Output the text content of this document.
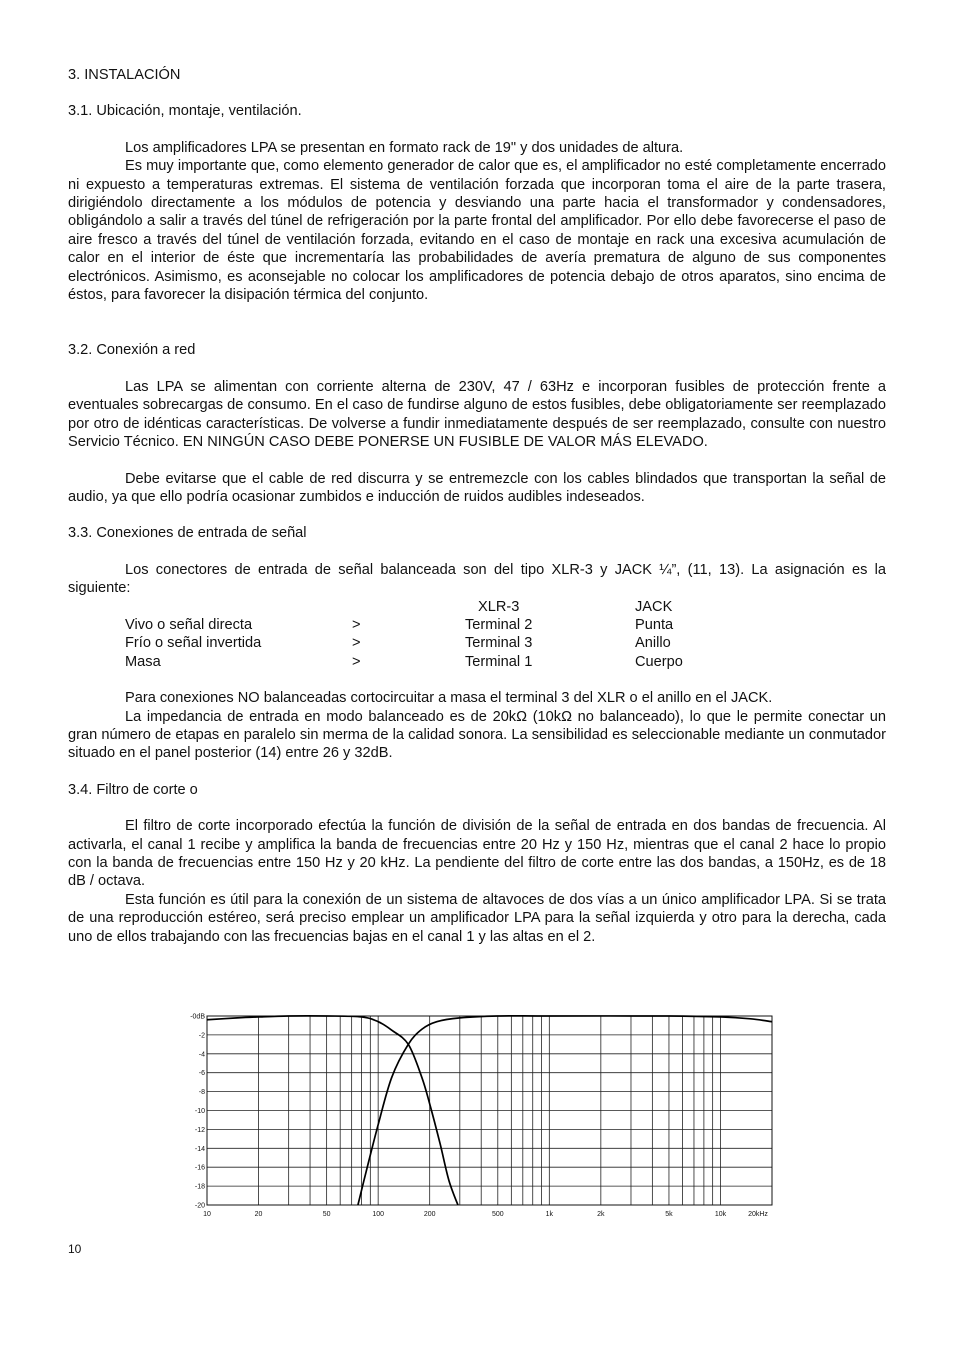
3. INSTALACIÓN

3.1. Ubicación, montaje, ventilación.

Los amplificadores LPA se presentan en formato rack de 19" y dos unidades de altura.

Es muy importante que, como elemento generador de calor que es, el amplificador no esté completamente encerrado ni expuesto a temperaturas extremas. El sistema de ventilación forzada que incorporan toma el aire de la parte trasera, dirigiéndolo directamente a los módulos de potencia y desviando una parte hacia el transformador y condensadores, obligándolo a salir a través del túnel de refrigeración por la parte frontal del amplificador. Por ello debe favorecerse el paso de aire fresco a través del túnel de ventilación forzada, evitando en el caso de montaje en rack una excesiva acumulación de calor en el interior de éste que incrementaría las probabilidades de avería prematura de alguno de sus componentes electrónicos. Asimismo, es aconsejable no colocar los amplificadores de potencia debajo de otros aparatos, sino encima de éstos, para favorecer la disipación térmica del conjunto.

3.2. Conexión a red

Las LPA se alimentan con corriente alterna de 230V, 47 / 63Hz e incorporan fusibles de protección frente a eventuales sobrecargas de consumo. En el caso de fundirse alguno de estos fusibles, debe obligatoriamente ser reemplazado por otro de idénticas características. De volverse a fundir inmediatamente después de ser reemplazado, consulte con nuestro Servicio Técnico. EN NINGÚN CASO DEBE PONERSE UN FUSIBLE DE VALOR MÁS ELEVADO.

Debe evitarse que el cable de red discurra y se entremezcle con los cables blindados que transportan la señal de audio, ya que ello podría ocasionar zumbidos e inducción de ruidos audibles indeseados.

3.3. Conexiones de entrada de señal

Los conectores de entrada de señal balanceada son del tipo XLR-3 y JACK ¼”, (11, 13). La asignación es la siguiente:

		XLR-3	JACK
Vivo o señal directa	>	Terminal 2	Punta
Frío o señal invertida	>	Terminal 3	Anillo
Masa	>	Terminal 1	Cuerpo

Para conexiones NO balanceadas cortocircuitar a masa el terminal 3 del XLR o el anillo en el JACK.

La impedancia de entrada en modo balanceado es de 20kΩ (10kΩ no balanceado), lo que le permite conectar un gran número de etapas en paralelo sin merma de la calidad sonora. La sensibilidad es seleccionable mediante un conmutador situado en el panel posterior (14) entre 26 y 32dB.

3.4. Filtro de corte o

El filtro de corte incorporado efectúa la función de división de la señal de entrada en dos bandas de frecuencia. Al activarla, el canal 1 recibe y amplifica la banda de frecuencias entre 20 Hz y 150 Hz, mientras que el canal 2 hace lo propio con la banda de frecuencias entre 150 Hz y 20 kHz. La pendiente del filtro de corte entre las dos bandas, a 150Hz, es de 18 dB / octava.

Esta función es útil para la conexión de un sistema de altavoces de dos vías a un único amplificador LPA. Si se trata de una reproducción estéreo, será preciso emplear un amplificador LPA para la señal izquierda y otro para la derecha, cada uno de ellos trabajando con las frecuencias bajas en el canal 1 y las altas en el 2.

-0dB
-2
-4
-6
-8
-10
-12
-14
-16
-18
-20
10	20	50	100	200	500	1k	2k	5k	10k	20kHz
10
